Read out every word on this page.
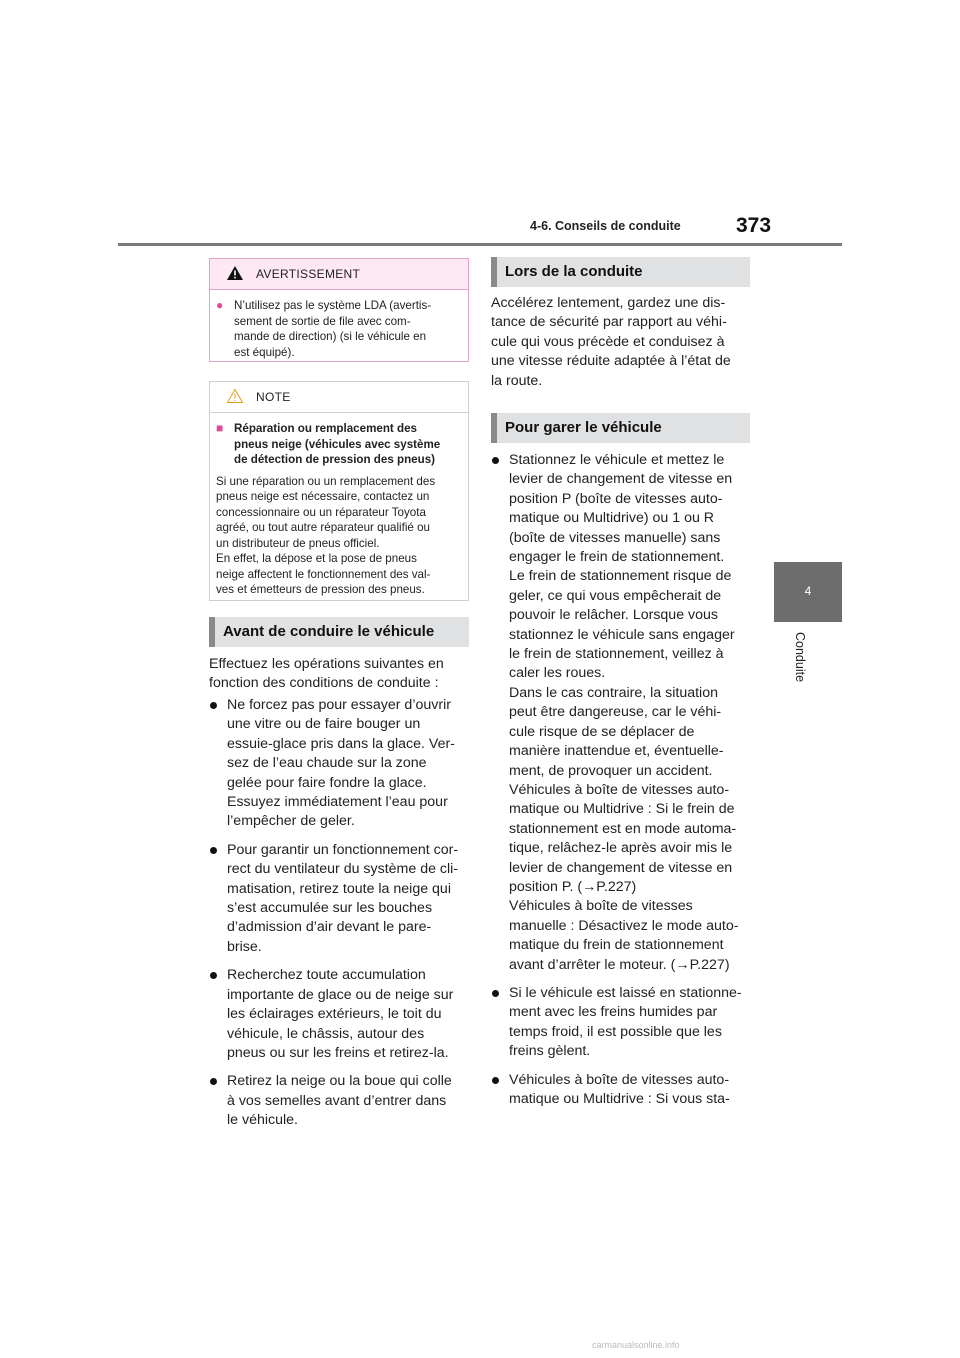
4-6. Conseils de conduite	373
4
Conduite
AVERTISSEMENT
● N’utilisez pas le système LDA (avertis-
sement de sortie de file avec com-
mande de direction) (si le véhicule en
est équipé).
NOTE
■ Réparation ou remplacement des
pneus neige (véhicules avec système
de détection de pression des pneus)
Si une réparation ou un remplacement des
pneus neige est nécessaire, contactez un
concessionnaire ou un réparateur Toyota
agréé, ou tout autre réparateur qualifié ou
un distributeur de pneus officiel.
En effet, la dépose et la pose de pneus
neige affectent le fonctionnement des val-
ves et émetteurs de pression des pneus.
Avant de conduire le véhicule
Effectuez les opérations suivantes en
fonction des conditions de conduite :
Ne forcez pas pour essayer d’ouvrir
une vitre ou de faire bouger un
essuie-glace pris dans la glace. Ver-
sez de l’eau chaude sur la zone
gelée pour faire fondre la glace.
Essuyez immédiatement l’eau pour
l’empêcher de geler.
Pour garantir un fonctionnement cor-
rect du ventilateur du système de cli-
matisation, retirez toute la neige qui
s’est accumulée sur les bouches
d’admission d’air devant le pare-
brise.
Recherchez toute accumulation
importante de glace ou de neige sur
les éclairages extérieurs, le toit du
véhicule, le châssis, autour des
pneus ou sur les freins et retirez-la.
Retirez la neige ou la boue qui colle
à vos semelles avant d’entrer dans
le véhicule.
Lors de la conduite
Accélérez lentement, gardez une dis-
tance de sécurité par rapport au véhi-
cule qui vous précède et conduisez à
une vitesse réduite adaptée à l’état de
la route.
Pour garer le véhicule
Stationnez le véhicule et mettez le
levier de changement de vitesse en
position P (boîte de vitesses auto-
matique ou Multidrive) ou 1 ou R
(boîte de vitesses manuelle) sans
engager le frein de stationnement.
Le frein de stationnement risque de
geler, ce qui vous empêcherait de
pouvoir le relâcher. Lorsque vous
stationnez le véhicule sans engager
le frein de stationnement, veillez à
caler les roues.
Dans le cas contraire, la situation
peut être dangereuse, car le véhi-
cule risque de se déplacer de
manière inattendue et, éventuelle-
ment, de provoquer un accident.
Véhicules à boîte de vitesses auto-
matique ou Multidrive : Si le frein de
stationnement est en mode automa-
tique, relâchez-le après avoir mis le
levier de changement de vitesse en
position P. (→P.227)
Véhicules à boîte de vitesses
manuelle : Désactivez le mode auto-
matique du frein de stationnement
avant d’arrêter le moteur. (→P.227)
Si le véhicule est laissé en stationne-
ment avec les freins humides par
temps froid, il est possible que les
freins gèlent.
Véhicules à boîte de vitesses auto-
matique ou Multidrive : Si vous sta-
carmanualsonline.info
